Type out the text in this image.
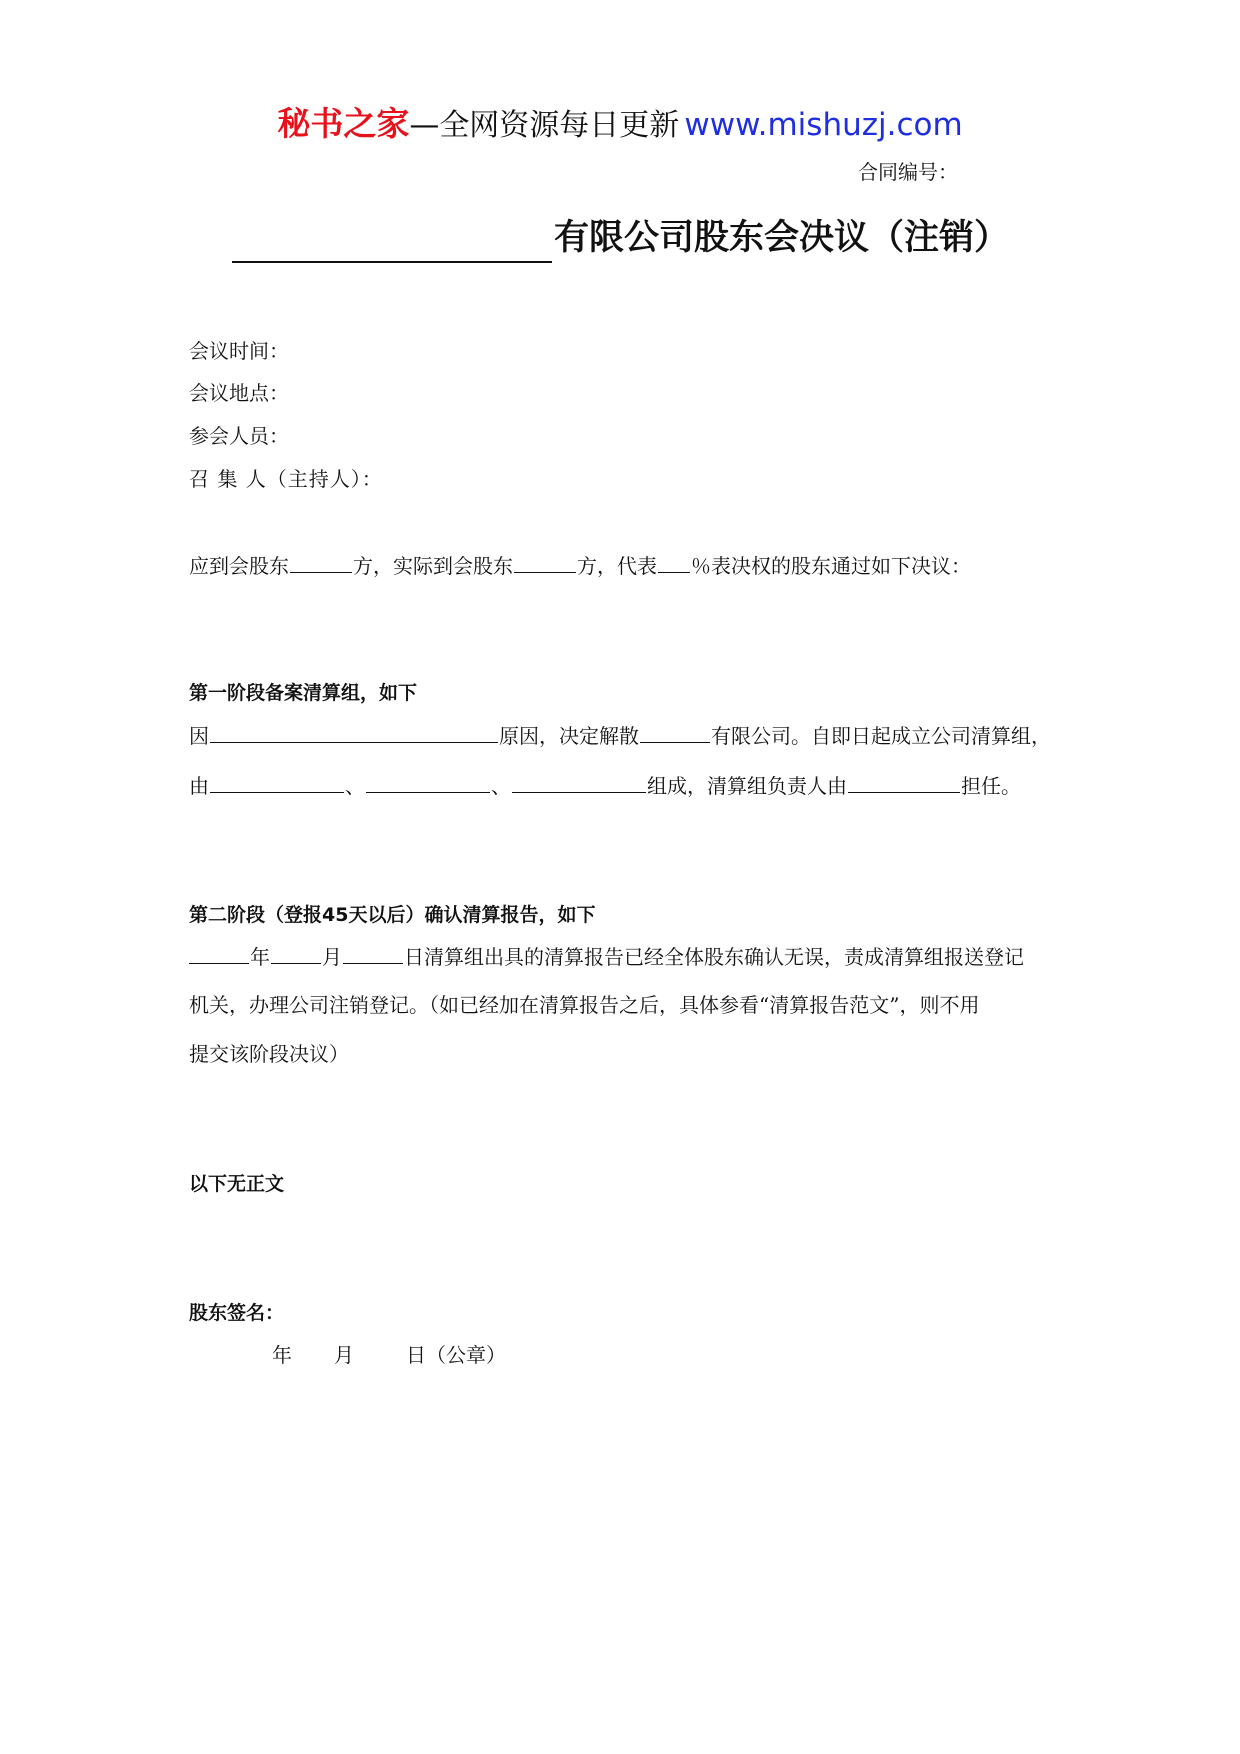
秘书之家—全网资源每日更新 www.mishuzj.com
合同编号：
有限公司股东会决议（注销）
会议时间：
会议地点：
参会人员：
召 集 人（主持人）：
应到会股东	方，实际到会股东	方，代表 ％表决权的股东通过如下决议：
第一阶段备案清算组，如下
因	原因，决定解散	有限公司。自即日起成立公司清算组，
由	、	、	组成，清算组负责人由	担任。
第二阶段（登报45天以后）确认清算报告，如下
年	月	日清算组出具的清算报告已经全体股东确认无误，责成清算组报送登记
机关，办理公司注销登记。（如已经加在清算报告之后，具体参看“清算报告范文”，则不用
提交该阶段决议）
以下无正文
股东签名：
年 月	日（公章）
